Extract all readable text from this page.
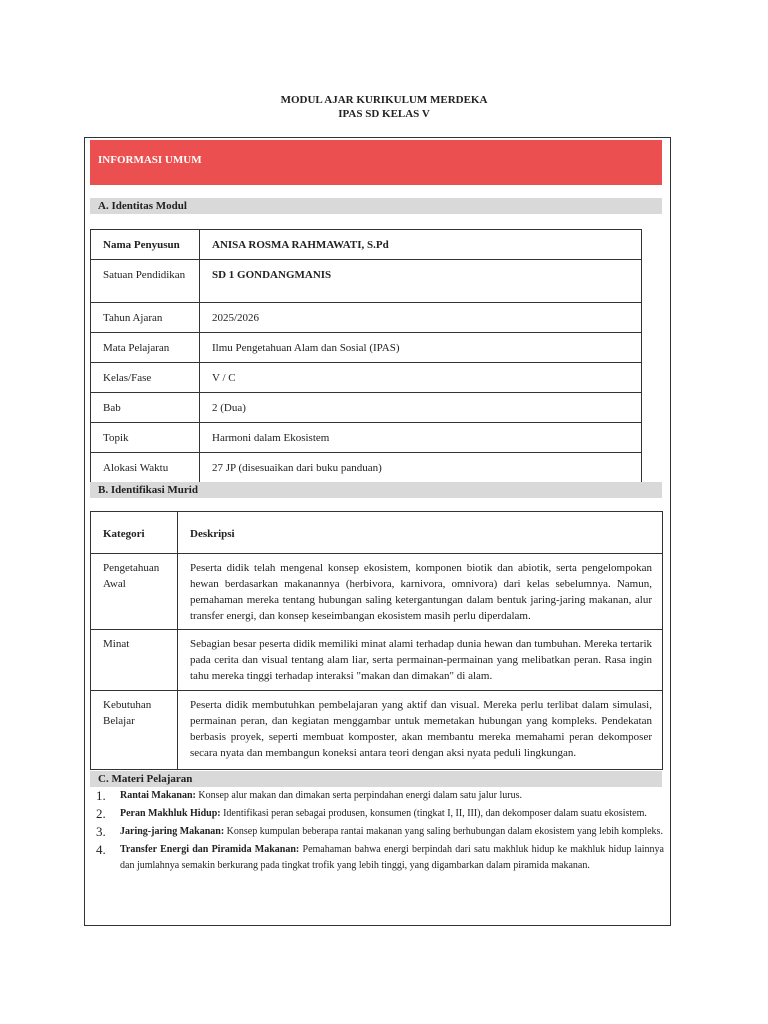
MODUL AJAR KURIKULUM MERDEKA
IPAS SD KELAS V
INFORMASI UMUM
A. Identitas Modul
Nama Penyusun	ANISA ROSMA RAHMAWATI, S.Pd
Satuan Pendidikan	SD 1 GONDANGMANIS
Tahun Ajaran	2025/2026
Mata Pelajaran	Ilmu Pengetahuan Alam dan Sosial (IPAS)
Kelas/Fase	V / C
Bab	2 (Dua)
Topik	Harmoni dalam Ekosistem
Alokasi Waktu	27 JP (disesuaikan dari buku panduan)
B. Identifikasi Murid
Kategori	Deskripsi
Pengetahuan Awal	Peserta didik telah mengenal konsep ekosistem, komponen biotik dan abiotik, serta pengelompokan hewan berdasarkan makanannya (herbivora, karnivora, omnivora) dari kelas sebelumnya. Namun, pemahaman mereka tentang hubungan saling ketergantungan dalam bentuk jaring-jaring makanan, alur transfer energi, dan konsep keseimbangan ekosistem masih perlu diperdalam.
Minat	Sebagian besar peserta didik memiliki minat alami terhadap dunia hewan dan tumbuhan. Mereka tertarik pada cerita dan visual tentang alam liar, serta permainan-permainan yang melibatkan peran. Rasa ingin tahu mereka tinggi terhadap interaksi "makan dan dimakan" di alam.
Kebutuhan Belajar	Peserta didik membutuhkan pembelajaran yang aktif dan visual. Mereka perlu terlibat dalam simulasi, permainan peran, dan kegiatan menggambar untuk memetakan hubungan yang kompleks. Pendekatan berbasis proyek, seperti membuat komposter, akan membantu mereka memahami peran dekomposer secara nyata dan membangun koneksi antara teori dengan aksi nyata peduli lingkungan.
C. Materi Pelajaran
1.	Rantai Makanan: Konsep alur makan dan dimakan serta perpindahan energi dalam satu jalur lurus.
2.	Peran Makhluk Hidup: Identifikasi peran sebagai produsen, konsumen (tingkat I, II, III), dan dekomposer dalam suatu ekosistem.
3.	Jaring-jaring Makanan: Konsep kumpulan beberapa rantai makanan yang saling berhubungan dalam ekosistem yang lebih kompleks.
4.	Transfer Energi dan Piramida Makanan: Pemahaman bahwa energi berpindah dari satu makhluk hidup ke makhluk hidup lainnya dan jumlahnya semakin berkurang pada tingkat trofik yang lebih tinggi, yang digambarkan dalam piramida makanan.
